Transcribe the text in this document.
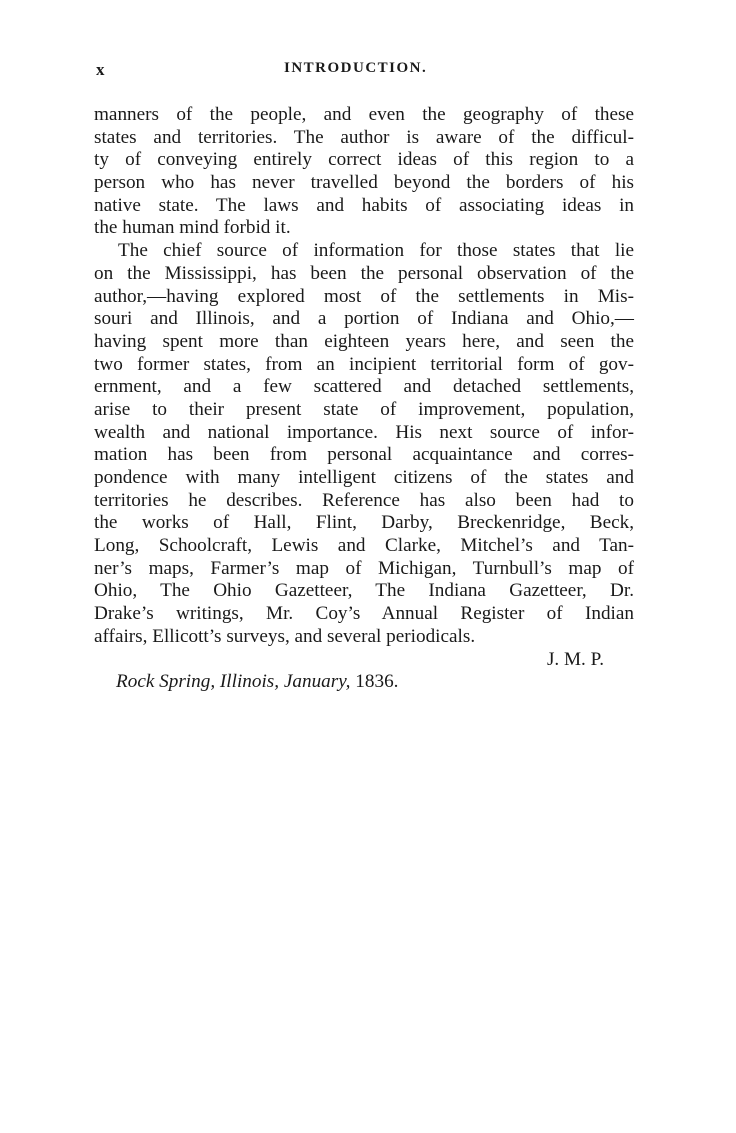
x	INTRODUCTION.
manners of the people, and even the geography of these
states and territories. The author is aware of the difficul-
ty of conveying entirely correct ideas of this region to a
person who has never travelled beyond the borders of his
native state. The laws and habits of associating ideas in
the human mind forbid it.
The chief source of information for those states that lie
on the Mississippi, has been the personal observation of the
author,—having explored most of the settlements in Mis-
souri and Illinois, and a portion of Indiana and Ohio,—
having spent more than eighteen years here, and seen the
two former states, from an incipient territorial form of gov-
ernment, and a few scattered and detached settlements,
arise to their present state of improvement, population,
wealth and national importance. His next source of infor-
mation has been from personal acquaintance and corres-
pondence with many intelligent citizens of the states and
territories he describes. Reference has also been had to
the works of Hall, Flint, Darby, Breckenridge, Beck,
Long, Schoolcraft, Lewis and Clarke, Mitchel’s and Tan-
ner’s maps, Farmer’s map of Michigan, Turnbull’s map of
Ohio, The Ohio Gazetteer, The Indiana Gazetteer, Dr.
Drake’s writings, Mr. Coy’s Annual Register of Indian
affairs, Ellicott’s surveys, and several periodicals.
J. M. P.
Rock Spring, Illinois, January, 1836.
